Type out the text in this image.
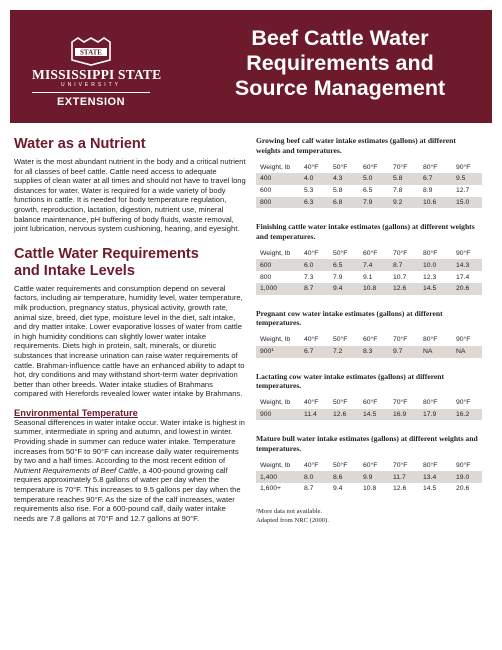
STATE
MISSISSIPPI STATE
UNIVERSITY
EXTENSION
Beef Cattle Water
Requirements and
Source Management
Water as a Nutrient
Water is the most abundant nutrient in the body and a critical nutrient for all classes of beef cattle. Cattle need access to adequate supplies of clean water at all times and should not have to travel long distances for water. Water is required for a wide variety of body functions in cattle. It is needed for body temperature regulation, growth, reproduction, lactation, digestion, nutrient use, mineral balance maintenance, pH buffering of body fluids, waste removal, joint lubrication, nervous system cushioning, hearing, and eyesight.
Cattle Water Requirements
and Intake Levels
Cattle water requirements and consumption depend on several factors, including air temperature, humidity level, water temperature, milk production, pregnancy status, physical activity, growth rate, animal size, breed, diet type, moisture level in the diet, salt intake, and dry matter intake. Lower evaporative losses of water from cattle in high humidity conditions can slightly lower water intake requirements. Diets high in protein, salt, minerals, or diuretic substances that increase urination can raise water requirements of cattle. Brahman-influence cattle have an enhanced ability to adapt to hot, dry conditions and may withstand short-term water deprivation better than other breeds. Water intake studies of Brahmans compared with Herefords revealed lower water intake by Brahmans.
Environmental Temperature
Seasonal differences in water intake occur. Water intake is highest in summer, intermediate in spring and autumn, and lowest in winter. Providing shade in summer can reduce water intake. Temperature increases from 50°F to 90°F can increase daily water requirements by two and a half times. According to the most recent edition of Nutrient Requirements of Beef Cattle, a 400-pound growing calf requires approximately 5.8 gallons of water per day when the temperature is 70°F. This increases to 9.5 gallons per day when the temperature reaches 90°F. As the size of the calf increases, water requirements also rise. For a 600-pound calf, daily water intake needs are 7.8 gallons at 70°F and 12.7 gallons at 90°F.
Growing beef calf water intake estimates (gallons) at different weights and temperatures.
Weight, lb	40°F	50°F	60°F	70°F	80°F	90°F
400	4.0	4.3	5.0	5.8	6.7	9.5
600	5.3	5.8	6.5	7.8	8.9	12.7
800	6.3	6.8	7.9	9.2	10.6	15.0
Finishing cattle water intake estimates (gallons) at different weights and temperatures.
Weight, lb	40°F	50°F	60°F	70°F	80°F	90°F
600	6.0	6.5	7.4	8.7	10.0	14.3
800	7.3	7.9	9.1	10.7	12.3	17.4
1,000	8.7	9.4	10.8	12.6	14.5	20.6
Pregnant cow water intake estimates (gallons) at different temperatures.
Weight, lb	40°F	50°F	60°F	70°F	80°F	90°F
900¹	6.7	7.2	8.3	9.7	NA	NA
Lactating cow water intake estimates (gallons) at different temperatures.
Weight, lb	40°F	50°F	60°F	70°F	80°F	90°F
900	11.4	12.6	14.5	16.9	17.9	16.2
Mature bull water intake estimates (gallons) at different weights and temperatures.
Weight, lb	40°F	50°F	60°F	70°F	80°F	90°F
1,400	8.0	8.6	9.9	11.7	13.4	19.0
1,600+	8.7	9.4	10.8	12.6	14.5	20.6
¹More data not available.
Adapted from NRC (2000).
